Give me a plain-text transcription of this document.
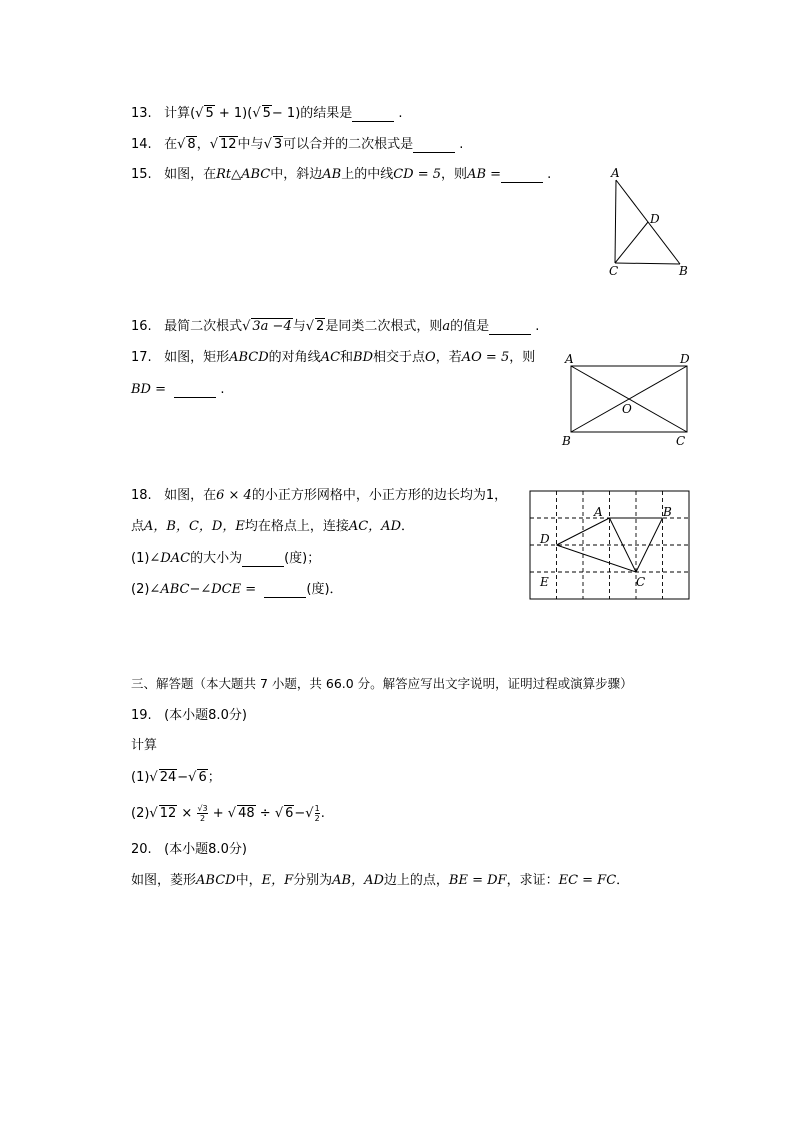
13. 计算(√ 5 + 1)(√ 5− 1)的结果是	.
14. 在√ 8，√ 12中与√ 3可以合并的二次根式是	.
15. 如图，在Rt△ABC中，斜边AB上的中线CD = 5，则AB =	.	A
D
C	B
16. 最简二次根式√ 3a −4与√ 2是同类二次根式，则a的值是	.
17. 如图，矩形ABCD的对角线AC和BD相交于点O，若AO = 5，则
BD =	.
A	D
O
B	C
18. 如图，在6 × 4的小正方形网格中，小正方形的边长均为1，
点A，B，C，D，E均在格点上，连接AC，AD．
(1)∠DAC的大小为	(度)；
(2)∠ABC−∠DCE =	(度)．
A	B
D
E	C
三、解答题（本大题共 7 小题，共 66.0 分。解答应写出文字说明，证明过程或演算步骤）
19. (本小题8.0分)
计算
(1)√ 24−√ 6；
(2)√ $12 \times \frac{√3}{2}$ + √ 48 ÷ √ $6-√ \frac{1}{2}$ .
20. (本小题8.0分)
如图，菱形ABCD中，E，F分别为AB，AD边上的点，BE = DF，求证：EC = FC．
